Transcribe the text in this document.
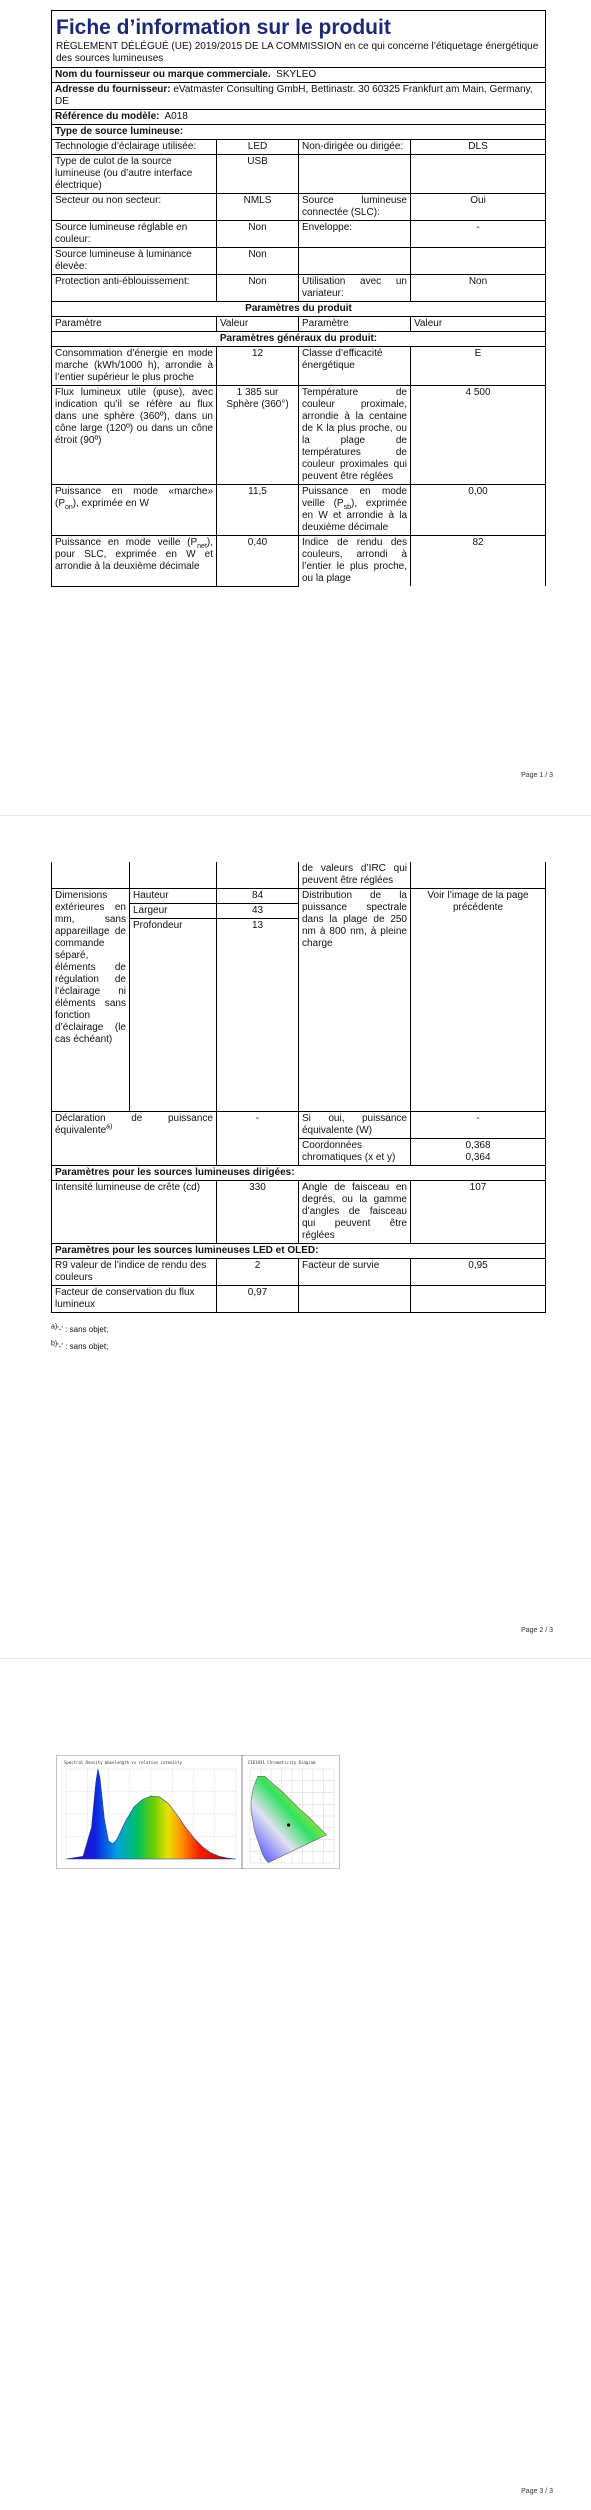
Fiche d’information sur le produit
RÈGLEMENT DÉLÉGUÉ (UE) 2019/2015 DE LA COMMISSION en ce qui concerne l’étiquetage énergétique des sources lumineuses			

Nom du fournisseur ou marque commerciale. SKYLEO			
Adresse du fournisseur: eVatmaster Consulting GmbH, Bettinastr. 30 60325 Frankfurt am Main, Germany, DE			
Référence du modèle: A018			
Type de source lumineuse:			
Technologie d’éclairage utilisée:	LED	Non-dirigée ou dirigée:	DLS
Type de culot de la source lumineuse (ou d’autre interface électrique)	USB		
Secteur ou non secteur:	NMLS	Source lumineuse connectée (SLC):	Oui
Source lumineuse réglable en couleur:	Non	Enveloppe:	-
Source lumineuse à luminance élevée:	Non		
Protection anti-éblouissement:	Non	Utilisation avec un variateur:	Non
Paramètres du produit			
Paramètre	Valeur	Paramètre	Valeur
Paramètres généraux du produit:			
Consommation d’énergie en mode marche (kWh/1000 h), arrondie à l’entier supérieur le plus proche	12	Classe d’efficacité énergétique	E
Flux lumineux utile (φuse), avec indication qu’il se réfère au flux dans une sphère (360º), dans un cône large (120º) ou dans un cône étroit (90º)	1 385 sur Sphère (360°)	Température de couleur proximale, arrondie à la centaine de K la plus proche, ou la plage de températures de couleur proximales qui peuvent être réglées	4 500
Puissance en mode «marche» $(P_{on})$, exprimée en W	11,5	Puissance en mode veille $(P_{sb})$, exprimée en W et arrondie à la deuxième décimale	0,00
Puissance en mode veille $(P_{net})$, pour SLC, exprimée en W et arrondie à la deuxième décimale	0,40	Indice de rendu des couleurs, arrondi à l’entier le plus proche, ou la plage	82
Page 1 / 3
			de valeurs d’IRC qui peuvent être réglées	
Dimensions extérieures en mm, sans appareillage de commande séparé, éléments de régulation de l’éclairage ni éléments sans fonction d’éclairage (le cas échéant)	Hauteur	84	Distribution de la puissance spectrale dans la plage de 250 nm à 800 nm, à pleine charge	Voir l’image de la page précédente
	Largeur	43		
	Profondeur	13		
Déclaration de puissance équivalente$^{a)}$		-	Si oui, puissance équivalente (W)	-
			Coordonnées chromatiques (x et y)	0,368
0,364

Paramètres pour les sources lumineuses dirigées:				
Intensité lumineuse de crête (cd)		330	Angle de faisceau en degrés, ou la gamme d’angles de faisceau qui peuvent être réglées	107
Paramètres pour les sources lumineuses LED et OLED:				
R9 valeur de l’indice de rendu des couleurs		2	Facteur de survie	0,95
Facteur de conservation du flux lumineux		0,97		
$^{a)}$'-' : sans objet;
$^{b)}$'-' : sans objet;
Page 2 / 3
Spectral Density Wavelength vs relative intensity	CIE1931 Chromaticity Diagram
Page 3 / 3
